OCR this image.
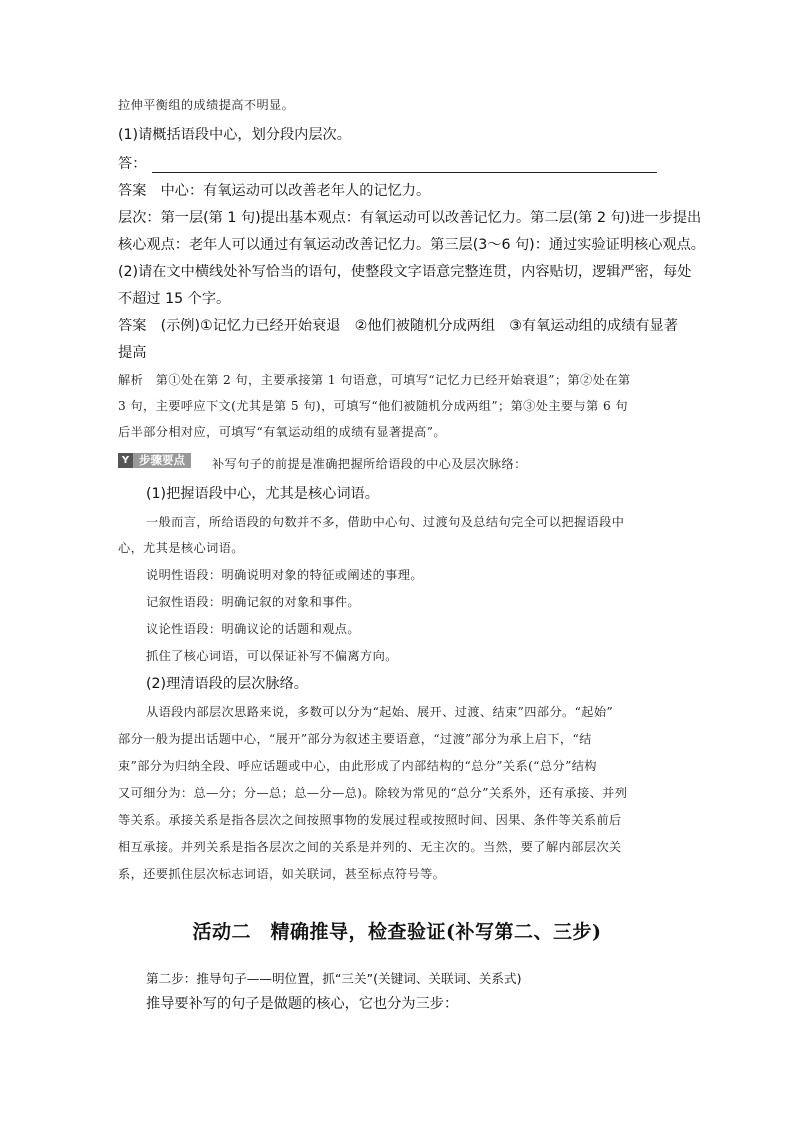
拉伸平衡组的成绩提高不明显。
(1)请概括语段中心，划分段内层次。
答：
答案　中心：有氧运动可以改善老年人的记忆力。
层次：第一层(第 1 句)提出基本观点：有氧运动可以改善记忆力。第二层(第 2 句)进一步提出
核心观点：老年人可以通过有氧运动改善记忆力。第三层(3～6 句)：通过实验证明核心观点。
(2)请在文中横线处补写恰当的语句，使整段文字语意完整连贯，内容贴切，逻辑严密，每处
不超过 15 个字。
答案　(示例)①记忆力已经开始衰退　②他们被随机分成两组　③有氧运动组的成绩有显著
提高
解析　第①处在第 2 句，主要承接第 1 句语意，可填写“记忆力已经开始衰退”；第②处在第
3 句，主要呼应下文(尤其是第 5 句)，可填写“他们被随机分成两组”；第③处主要与第 6 句
后半部分相对应，可填写“有氧运动组的成绩有显著提高”。
Y 步骤要点	补写句子的前提是准确把握所给语段的中心及层次脉络：
(1)把握语段中心，尤其是核心词语。
一般而言，所给语段的句数并不多，借助中心句、过渡句及总结句完全可以把握语段中
心，尤其是核心词语。
说明性语段：明确说明对象的特征或阐述的事理。
记叙性语段：明确记叙的对象和事件。
议论性语段：明确议论的话题和观点。
抓住了核心词语，可以保证补写不偏离方向。
(2)理清语段的层次脉络。
从语段内部层次思路来说，多数可以分为“起始、展开、过渡、结束”四部分。“起始”
部分一般为提出话题中心，“展开”部分为叙述主要语意，“过渡”部分为承上启下，“结
束”部分为归纳全段、呼应话题或中心，由此形成了内部结构的“总分”关系(“总分”结构
又可细分为：总—分；分—总；总—分—总)。除较为常见的“总分”关系外，还有承接、并列
等关系。承接关系是指各层次之间按照事物的发展过程或按照时间、因果、条件等关系前后
相互承接。并列关系是指各层次之间的关系是并列的、无主次的。当然，要了解内部层次关
系，还要抓住层次标志词语，如关联词，甚至标点符号等。
活动二　精确推导，检查验证(补写第二、三步)
第二步：推导句子——明位置，抓“三关”(关键词、关联词、关系式)
推导要补写的句子是做题的核心，它也分为三步：
